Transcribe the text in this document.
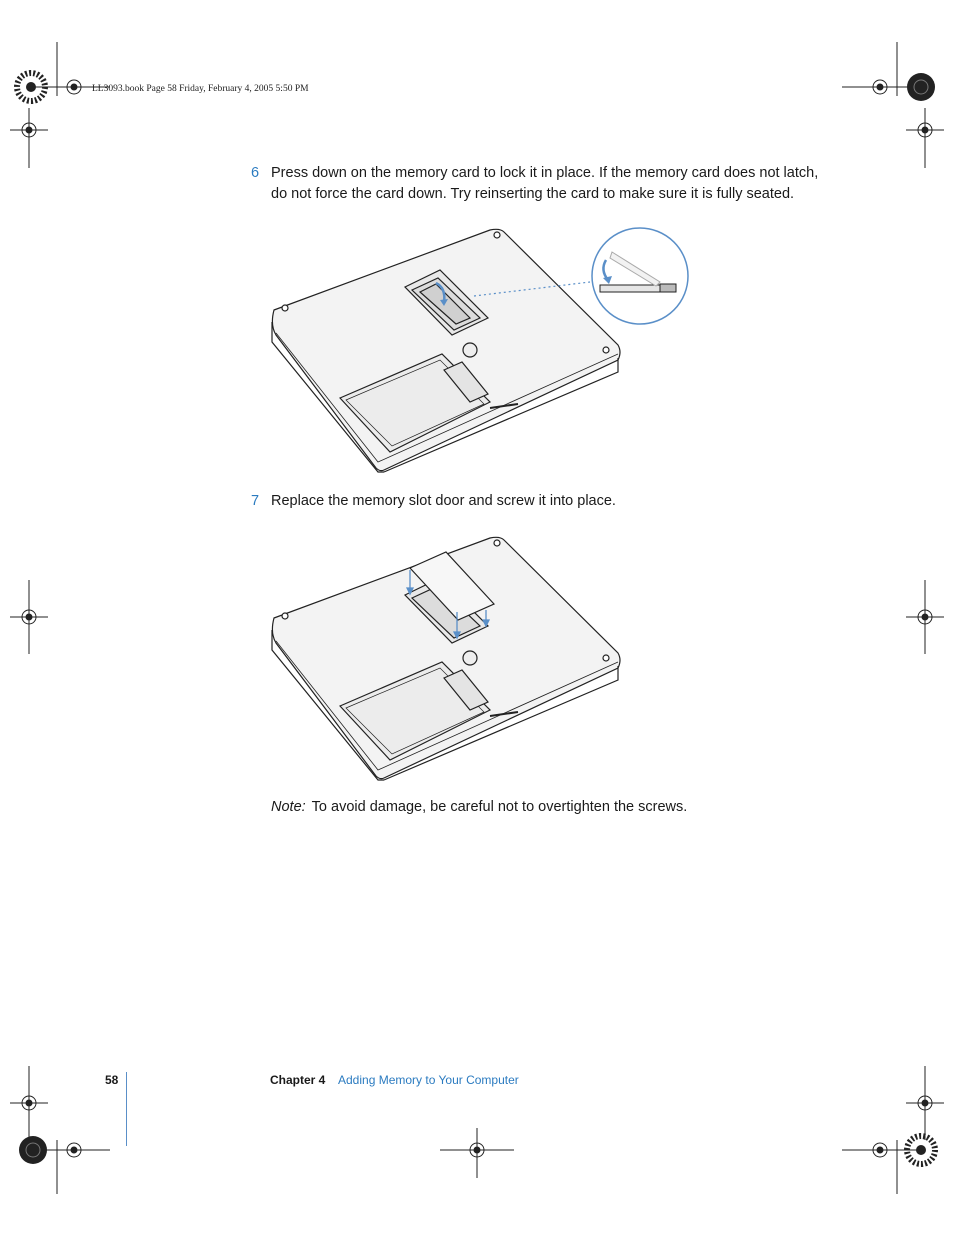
LL3093.book Page 58 Friday, February 4, 2005 5:50 PM
6 Press down on the memory card to lock it in place. If the memory card does not latch, do not force the card down. Try reinserting the card to make sure it is fully seated.
7 Replace the memory slot door and screw it into place.
Note: To avoid damage, be careful not to overtighten the screws.
58	Chapter 4 Adding Memory to Your Computer
